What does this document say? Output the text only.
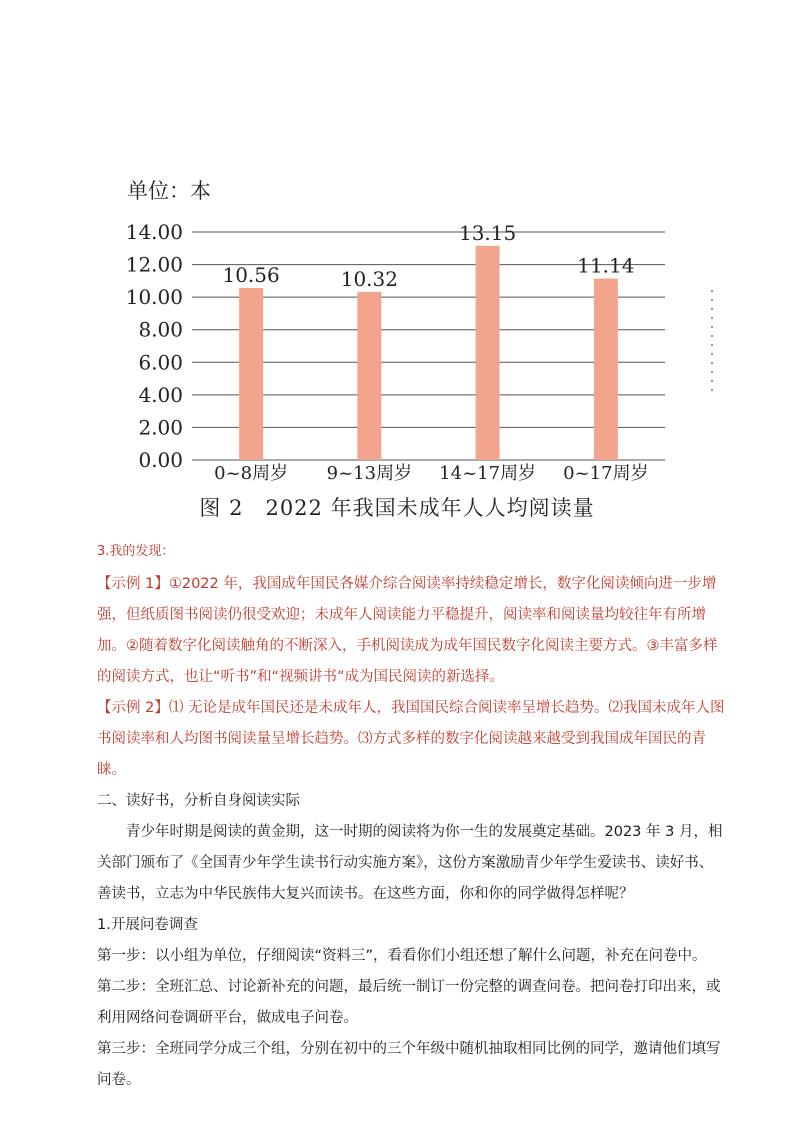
单位：本
0.00
2.00
4.00
6.00
8.00
10.00
12.00
14.00
10.56	10.32
13.15
11.14
0~8周岁 9~13周岁 14~17周岁 0~17周岁
图 2　2022 年我国未成年人人均阅读量

3.我的发现：

【示例 1】①2022 年，我国成年国民各媒介综合阅读率持续稳定增长，数字化阅读倾向进一步增强，但纸质图书阅读仍很受欢迎；未成年人阅读能力平稳提升，阅读率和阅读量均较往年有所增加。②随着数字化阅读触角的不断深入，手机阅读成为成年国民数字化阅读主要方式。③丰富多样的阅读方式，也让“听书”和“视频讲书”成为国民阅读的新选择。

【示例 2】⑴ 无论是成年国民还是未成年人，我国国民综合阅读率呈增长趋势。⑵我国未成年人图书阅读率和人均图书阅读量呈增长趋势。⑶方式多样的数字化阅读越来越受到我国成年国民的青睐。

二、读好书，分析自身阅读实际

青少年时期是阅读的黄金期，这一时期的阅读将为你一生的发展奠定基础。2023 年 3 月，相关部门颁布了《全国青少年学生读书行动实施方案》，这份方案激励青少年学生爱读书、读好书、善读书，立志为中华民族伟大复兴而读书。在这些方面，你和你的同学做得怎样呢？

1.开展问卷调查

第一步：以小组为单位，仔细阅读“资料三”，看看你们小组还想了解什么问题，补充在问卷中。

第二步：全班汇总、讨论新补充的问题，最后统一制订一份完整的调查问卷。把问卷打印出来，或利用网络问卷调研平台，做成电子问卷。

第三步：全班同学分成三个组，分别在初中的三个年级中随机抽取相同比例的同学，邀请他们填写问卷。
